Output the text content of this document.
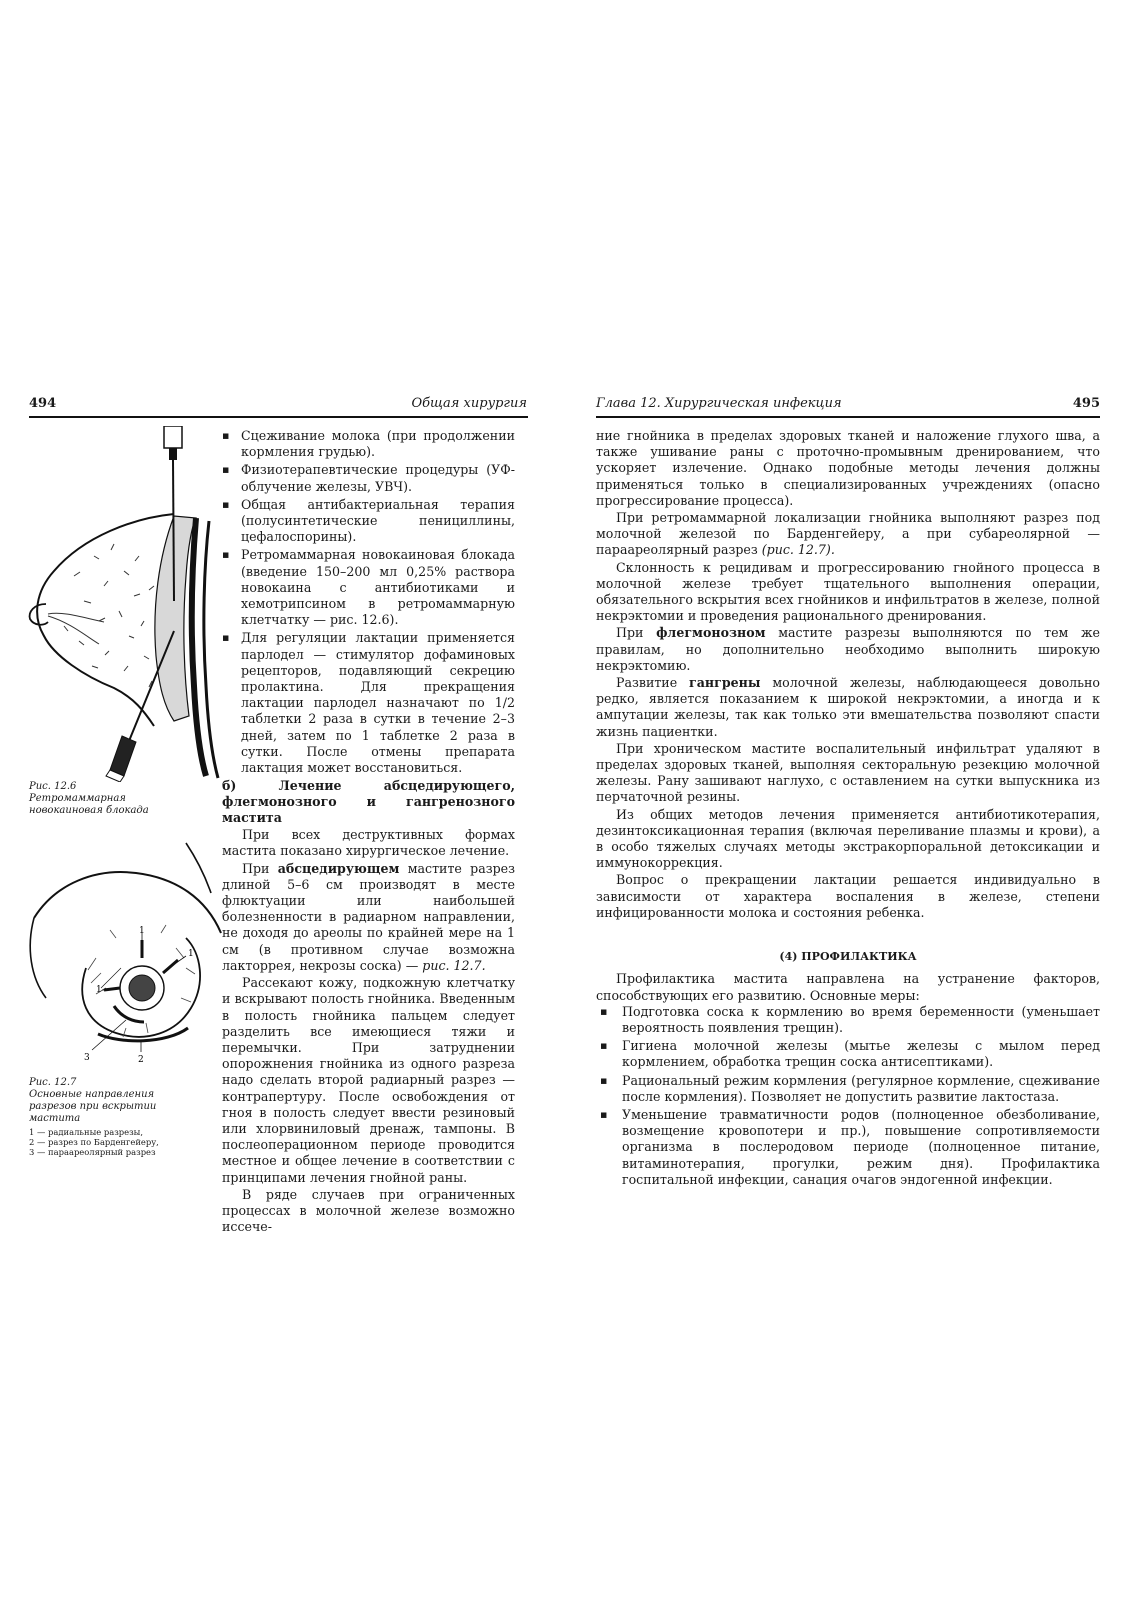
494	Общая хирургия
Рис. 12.6
Ретромаммарная
новокаиновая блокада
1
1
1
2
3
Рис. 12.7
Основные направления
разрезов при вскрытии
мастита
1 — радиальные разрезы,
2 — разрез по Барденгейеру,
3 — параареолярный разрез
▪ Сцеживание молока (при продолжении кормления грудью).
▪ Физиотерапевтические процедуры (УФ-облучение железы, УВЧ).
▪ Общая антибактериальная терапия (полусинтетические пенициллины, цефалоспорины).
▪ Ретромаммарная новокаиновая блокада (введение 150–200 мл 0,25% раствора новокаина с антибиотиками и хемотрипсином в ретромаммарную клетчатку — рис. 12.6).
▪ Для регуляции лактации применяется парлодел — стимулятор дофаминовых рецепторов, подавляющий секрецию пролактина. Для прекращения лактации парлодел назначают по 1/2 таблетки 2 раза в сутки в течение 2–3 дней, затем по 1 таблетке 2 раза в сутки. После отмены препарата лактация может восстановиться.

б) Лечение абсцедирующего, флегмонозного и гангренозного мастита

При всех деструктивных формах мастита показано хирургическое лечение.

При абсцедирующем мастите разрез длиной 5–6 см производят в месте флюктуации или наибольшей болезненности в радиарном направлении, не доходя до ареолы по крайней мере на 1 см (в противном случае возможна лакторрея, некрозы соска) — рис. 12.7.

Рассекают кожу, подкожную клетчатку и вскрывают полость гнойника. Введенным в полость гнойника пальцем следует разделить все имеющиеся тяжи и перемычки. При затруднении опорожнения гнойника из одного разреза надо сделать второй радиарный разрез — контрапертуру. После освобождения от гноя в полость следует ввести резиновый или хлорвиниловый дренаж, тампоны. В послеоперационном периоде проводится местное и общее лечение в соответствии с принципами лечения гнойной раны.

В ряде случаев при ограниченных процессах в молочной железе возможно иссече-

Глава 12. Хирургическая инфекция	495

ние гнойника в пределах здоровых тканей и наложение глухого шва, а также ушивание раны с проточно-промывным дренированием, что ускоряет излечение. Однако подобные методы лечения должны применяться только в специализированных учреждениях (опасно прогрессирование процесса).

При ретромаммарной локализации гнойника выполняют разрез под молочной железой по Барденгейеру, а при субареолярной — параареолярный разрез (рис. 12.7).

Склонность к рецидивам и прогрессированию гнойного процесса в молочной железе требует тщательного выполнения операции, обязательного вскрытия всех гнойников и инфильтратов в железе, полной некрэктомии и проведения рационального дренирования.

При флегмонозном мастите разрезы выполняются по тем же правилам, но дополнительно необходимо выполнить широкую некрэктомию.

Развитие гангрены молочной железы, наблюдающееся довольно редко, является показанием к широкой некрэктомии, а иногда и к ампутации железы, так как только эти вмешательства позволяют спасти жизнь пациентки.

При хроническом мастите воспалительный инфильтрат удаляют в пределах здоровых тканей, выполняя секторальную резекцию молочной железы. Рану зашивают наглухо, с оставлением на сутки выпускника из перчаточной резины.

Из общих методов лечения применяется антибиотикотерапия, дезинтоксикационная терапия (включая переливание плазмы и крови), а в особо тяжелых случаях методы экстракорпоральной детоксикации и иммунокоррекция.

Вопрос о прекращении лактации решается индивидуально в зависимости от характера воспаления в железе, степени инфицированности молока и состояния ребенка.

(4) ПРОФИЛАКТИКА

Профилактика мастита направлена на устранение факторов, способствующих его развитию. Основные меры:

▪ Подготовка соска к кормлению во время беременности (уменьшает вероятность появления трещин).
▪ Гигиена молочной железы (мытье железы с мылом перед кормлением, обработка трещин соска антисептиками).
▪ Рациональный режим кормления (регулярное кормление, сцеживание после кормления). Позволяет не допустить развитие лактостаза.
▪ Уменьшение травматичности родов (полноценное обезболивание, возмещение кровопотери и пр.), повышение сопротивляемости организма в послеродовом периоде (полноценное питание, витаминотерапия, прогулки, режим дня). Профилактика госпитальной инфекции, санация очагов эндогенной инфекции.
